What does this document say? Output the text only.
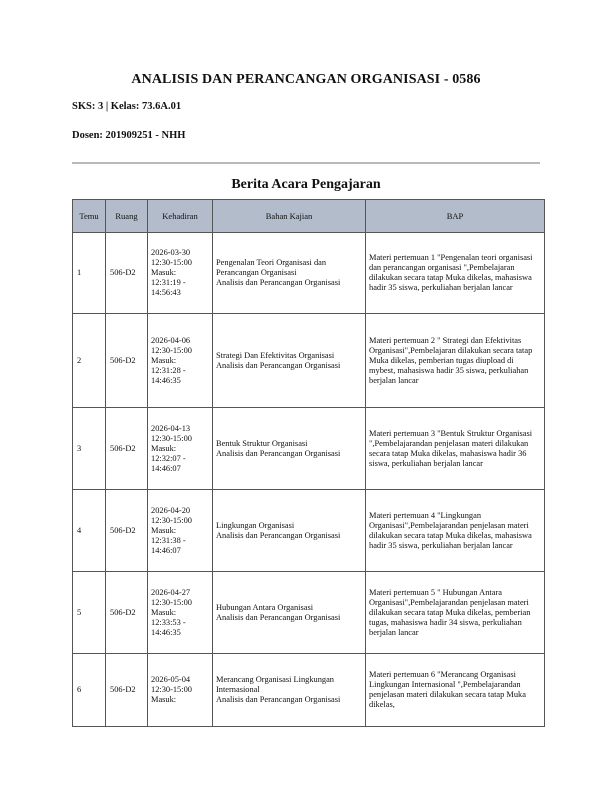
ANALISIS DAN PERANCANGAN ORGANISASI - 0586
SKS: 3 | Kelas: 73.6A.01
Dosen: 201909251 - NHH
Berita Acara Pengajaran
Temu	Ruang	Kehadiran	Bahan Kajian	BAP
1	506-D2	2026-03-30
12:30-15:00
Masuk:
12:31:19 -
14:56:43	Pengenalan Teori Organisasi dan Perancangan Organisasi
Analisis dan Perancangan Organisasi	Materi pertemuan 1 "Pengenalan teori organisasi dan perancangan organisasi ",Pembelajaran dilakukan secara tatap Muka dikelas, mahasiswa hadir 35 siswa, perkuliahan berjalan lancar
2	506-D2	2026-04-06
12:30-15:00
Masuk:
12:31:28 -
14:46:35	Strategi Dan Efektivitas Organisasi
Analisis dan Perancangan Organisasi	Materi pertemuan 2 " Strategi dan Efektivitas Organisasi",Pembelajaran dilakukan secara tatap Muka dikelas, pemberian tugas diupload di mybest, mahasiswa hadir 35 siswa, perkuliahan berjalan lancar
3	506-D2	2026-04-13
12:30-15:00
Masuk:
12:32:07 -
14:46:07	Bentuk Struktur Organisasi
Analisis dan Perancangan Organisasi	Materi pertemuan 3 "Bentuk Struktur Organisasi ",Pembelajarandan penjelasan materi dilakukan secara tatap Muka dikelas, mahasiswa hadir 36 siswa, perkuliahan berjalan lancar
4	506-D2	2026-04-20
12:30-15:00
Masuk:
12:31:38 -
14:46:07	Lingkungan Organisasi
Analisis dan Perancangan Organisasi	Materi pertemuan 4 "Lingkungan Organisasi",Pembelajarandan penjelasan materi dilakukan secara tatap Muka dikelas, mahasiswa hadir 35 siswa, perkuliahan berjalan lancar
5	506-D2	2026-04-27
12:30-15:00
Masuk:
12:33:53 -
14:46:35	Hubungan Antara Organisasi
Analisis dan Perancangan Organisasi	Materi pertemuan 5 " Hubungan Antara Organisasi",Pembelajarandan penjelasan materi dilakukan secara tatap Muka dikelas, pemberian tugas, mahasiswa hadir 34 siswa, perkuliahan berjalan lancar
6	506-D2	2026-05-04
12:30-15:00
Masuk:	Merancang Organisasi Lingkungan Internasional
Analisis dan Perancangan Organisasi	Materi pertemuan 6 "Merancang Organisasi Lingkungan Internasional ",Pembelajarandan penjelasan materi dilakukan secara tatap Muka dikelas,
